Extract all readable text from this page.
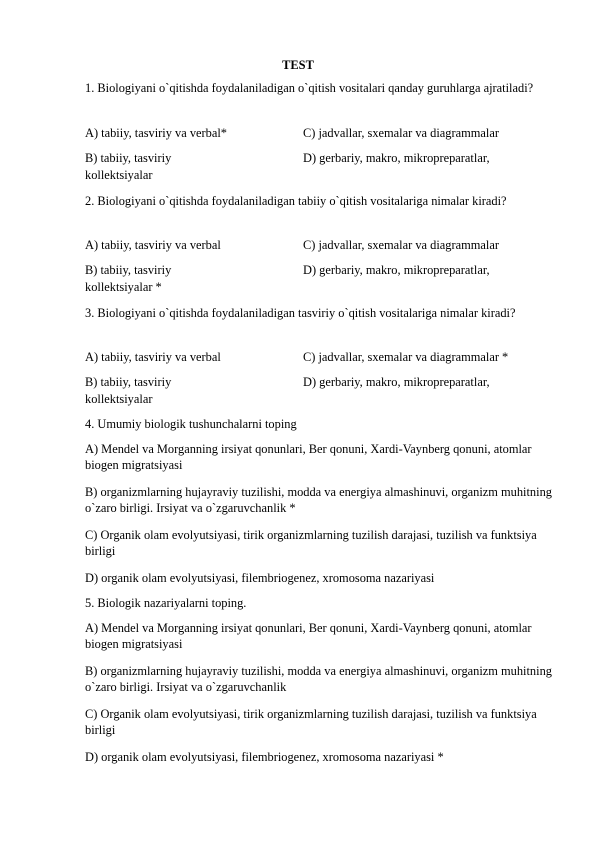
TEST
1. Biologiyani o`qitishda foydalaniladigan o`qitish vositalari qanday guruhlarga ajratiladi?
A) tabiiy, tasviriy va verbal*	C) jadvallar, sxemalar va diagrammalar
B) tabiiy, tasviriy	D) gerbariy, makro, mikropreparatlar,
kollektsiyalar
2. Biologiyani o`qitishda foydalaniladigan tabiiy o`qitish vositalariga nimalar kiradi?
A) tabiiy, tasviriy va verbal	C) jadvallar, sxemalar va diagrammalar
B) tabiiy, tasviriy	D) gerbariy, makro, mikropreparatlar,
kollektsiyalar *
3. Biologiyani o`qitishda foydalaniladigan tasviriy o`qitish vositalariga nimalar kiradi?
A) tabiiy, tasviriy va verbal	C) jadvallar, sxemalar va diagrammalar *
B) tabiiy, tasviriy	D) gerbariy, makro, mikropreparatlar,
kollektsiyalar
4. Umumiy biologik tushunchalarni toping
A) Mendel va Morganning irsiyat qonunlari, Ber qonuni, Xardi-Vaynberg qonuni, atomlar biogen migratsiyasi
B) organizmlarning hujayraviy tuzilishi, modda va energiya almashinuvi, organizm muhitning o`zaro birligi. Irsiyat va o`zgaruvchanlik *
C) Organik olam evolyutsiyasi, tirik organizmlarning tuzilish darajasi, tuzilish va funktsiya birligi
D) organik olam evolyutsiyasi, filembriogenez, xromosoma nazariyasi
5. Biologik nazariyalarni toping.
A) Mendel va Morganning irsiyat qonunlari, Ber qonuni, Xardi-Vaynberg qonuni, atomlar biogen migratsiyasi
B) organizmlarning hujayraviy tuzilishi, modda va energiya almashinuvi, organizm muhitning o`zaro birligi. Irsiyat va o`zgaruvchanlik
C) Organik olam evolyutsiyasi, tirik organizmlarning tuzilish darajasi, tuzilish va funktsiya birligi
D) organik olam evolyutsiyasi, filembriogenez, xromosoma nazariyasi *
